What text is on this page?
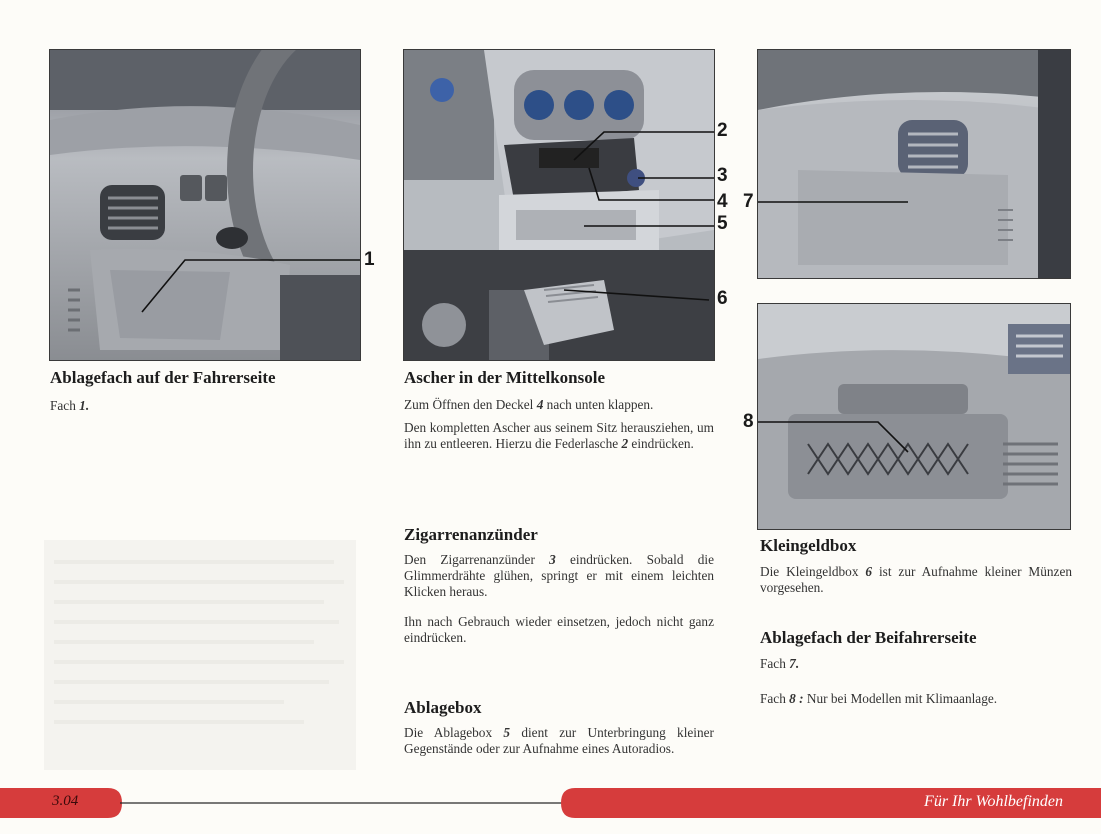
1
2
3
4
5
6
7
8
Ablagefach auf der Fahrerseite

Fach 1.

Ascher in der Mittelkonsole

Zum Öffnen den Deckel 4 nach unten klappen.

Den kompletten Ascher aus seinem Sitz herausziehen, um ihn zu entleeren. Hierzu die Federlasche 2 eindrücken.

Zigarrenanzünder

Den Zigarrenanzünder 3 eindrücken. Sobald die Glimmerdrähte glühen, springt er mit einem leichten Klicken heraus.

Ihn nach Gebrauch wieder einsetzen, jedoch nicht ganz eindrücken.

Ablagebox

Die Ablagebox 5 dient zur Unterbringung kleiner Gegenstände oder zur Aufnahme eines Autoradios.

Kleingeldbox

Die Kleingeldbox 6 ist zur Aufnahme kleiner Münzen vorgesehen.

Ablagefach der Beifahrerseite

Fach 7.

Fach 8 : Nur bei Modellen mit Klimaanlage.

3.04	Für Ihr Wohlbefinden
